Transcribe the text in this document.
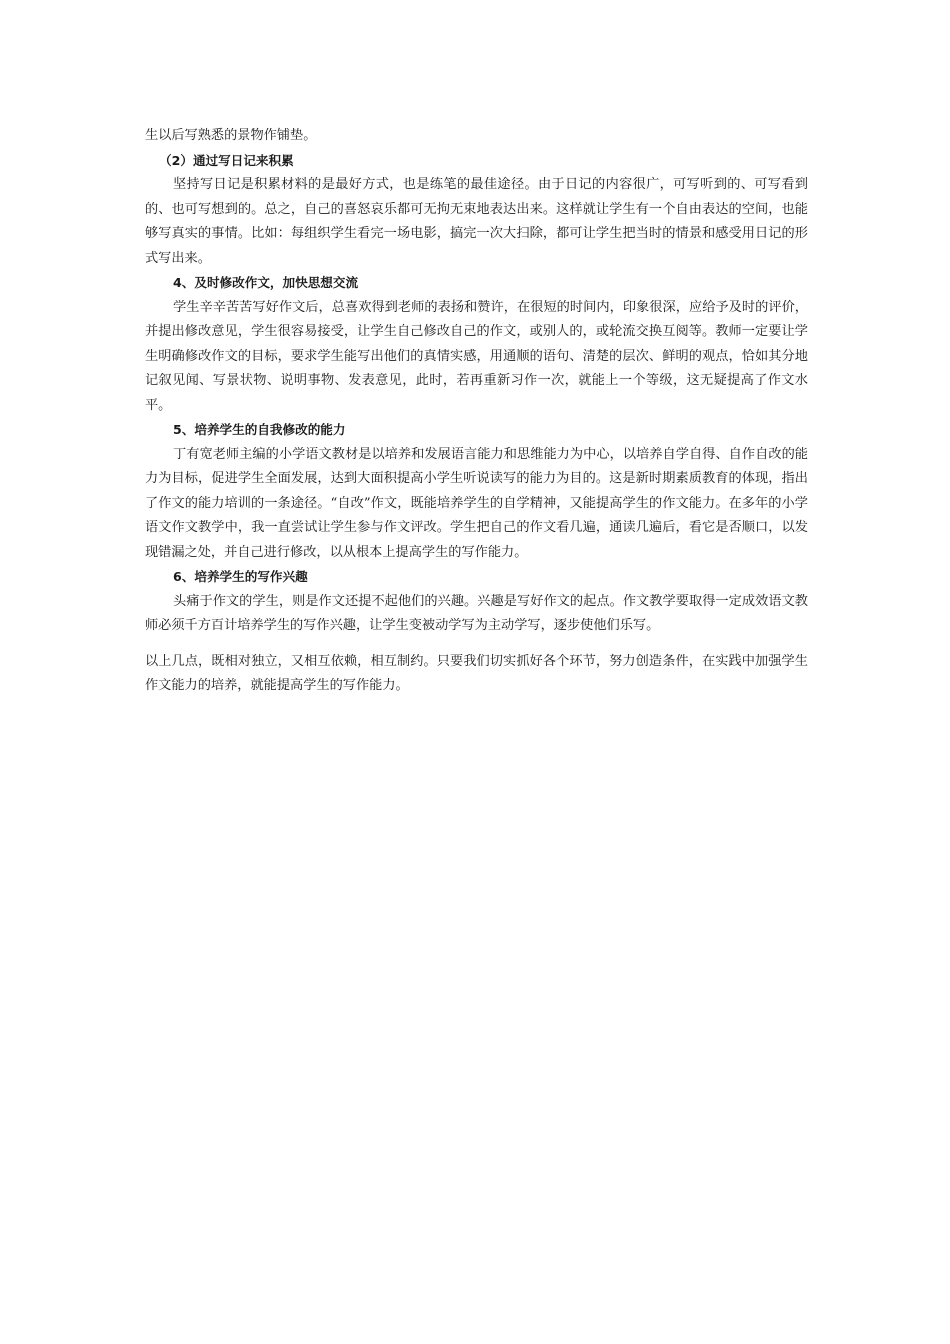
生以后写熟悉的景物作铺垫。

（2）通过写日记来积累

坚持写日记是积累材料的是最好方式，也是练笔的最佳途径。由于日记的内容很广，可写听到的、可写看到的、也可写想到的。总之，自己的喜怒哀乐都可无拘无束地表达出来。这样就让学生有一个自由表达的空间，也能够写真实的事情。比如：每组织学生看完一场电影，搞完一次大扫除，都可让学生把当时的情景和感受用日记的形式写出来。

4、及时修改作文，加快思想交流

学生辛辛苦苦写好作文后，总喜欢得到老师的表扬和赞许，在很短的时间内，印象很深，应给予及时的评价，并提出修改意见，学生很容易接受，让学生自己修改自己的作文，或别人的，或轮流交换互阅等。教师一定要让学生明确修改作文的目标，要求学生能写出他们的真情实感，用通顺的语句、清楚的层次、鲜明的观点，恰如其分地记叙见闻、写景状物、说明事物、发表意见，此时，若再重新习作一次，就能上一个等级，这无疑提高了作文水平。

5、培养学生的自我修改的能力

丁有宽老师主编的小学语文教材是以培养和发展语言能力和思维能力为中心，以培养自学自得、自作自改的能力为目标，促进学生全面发展，达到大面积提高小学生听说读写的能力为目的。这是新时期素质教育的体现，指出了作文的能力培训的一条途径。“自改”作文，既能培养学生的自学精神，又能提高学生的作文能力。在多年的小学语文作文教学中，我一直尝试让学生参与作文评改。学生把自己的作文看几遍，通读几遍后，看它是否顺口，以发现错漏之处，并自己进行修改，以从根本上提高学生的写作能力。

6、培养学生的写作兴趣

头痛于作文的学生，则是作文还提不起他们的兴趣。兴趣是写好作文的起点。作文教学要取得一定成效语文教师必须千方百计培养学生的写作兴趣，让学生变被动学写为主动学写，逐步使他们乐写。

以上几点，既相对独立，又相互依赖，相互制约。只要我们切实抓好各个环节，努力创造条件，在实践中加强学生作文能力的培养，就能提高学生的写作能力。
